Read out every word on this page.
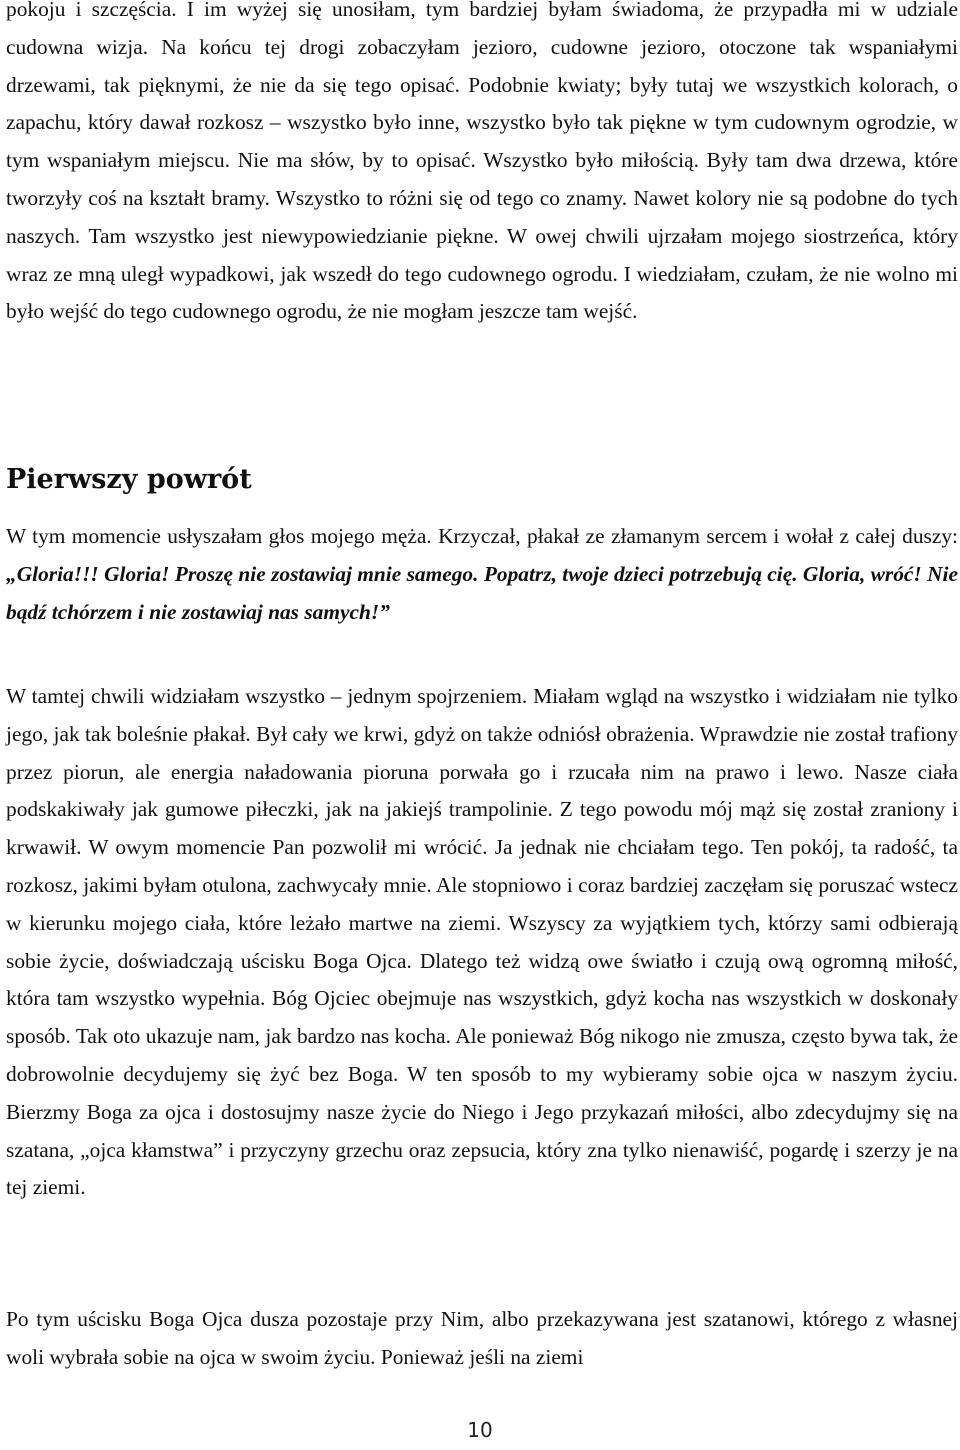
pokoju i szczęścia. I im wyżej się unosiłam, tym bardziej byłam świadoma, że przypadła mi w udziale cudowna wizja. Na końcu tej drogi zobaczyłam jezioro, cudowne jezioro, otoczone tak wspaniałymi drzewami, tak pięknymi, że nie da się tego opisać. Podobnie kwiaty; były tutaj we wszystkich kolorach, o zapachu, który dawał rozkosz – wszystko było inne, wszystko było tak piękne w tym cudownym ogrodzie, w tym wspaniałym miejscu. Nie ma słów, by to opisać. Wszystko było miłością. Były tam dwa drzewa, które tworzyły coś na kształt bramy. Wszystko to różni się od tego co znamy. Nawet kolory nie są podobne do tych naszych. Tam wszystko jest niewypowiedzianie piękne. W owej chwili ujrzałam mojego siostrzeńca, który wraz ze mną uległ wypadkowi, jak wszedł do tego cudownego ogrodu. I wiedziałam, czułam, że nie wolno mi było wejść do tego cudownego ogrodu, że nie mogłam jeszcze tam wejść.

Pierwszy powrót

W tym momencie usłyszałam głos mojego męża. Krzyczał, płakał ze złamanym sercem i wołał z całej duszy: „Gloria!!! Gloria! Proszę nie zostawiaj mnie samego. Popatrz, twoje dzieci potrzebują cię. Gloria, wróć! Nie bądź tchórzem i nie zostawiaj nas samych!”

W tamtej chwili widziałam wszystko – jednym spojrzeniem. Miałam wgląd na wszystko i widziałam nie tylko jego, jak tak boleśnie płakał. Był cały we krwi, gdyż on także odniósł obrażenia. Wprawdzie nie został trafiony przez piorun, ale energia naładowania pioruna porwała go i rzucała nim na prawo i lewo. Nasze ciała podskakiwały jak gumowe piłeczki, jak na jakiejś trampolinie. Z tego powodu mój mąż się został zraniony i krwawił. W owym momencie Pan pozwolił mi wrócić. Ja jednak nie chciałam tego. Ten pokój, ta radość, ta rozkosz, jakimi byłam otulona, zachwycały mnie. Ale stopniowo i coraz bardziej zaczęłam się poruszać wstecz w kierunku mojego ciała, które leżało martwe na ziemi. Wszyscy za wyjątkiem tych, którzy sami odbierają sobie życie, doświadczają uścisku Boga Ojca. Dlatego też widzą owe światło i czują ową ogromną miłość, która tam wszystko wypełnia. Bóg Ojciec obejmuje nas wszystkich, gdyż kocha nas wszystkich w doskonały sposób. Tak oto ukazuje nam, jak bardzo nas kocha. Ale ponieważ Bóg nikogo nie zmusza, często bywa tak, że dobrowolnie decydujemy się żyć bez Boga. W ten sposób to my wybieramy sobie ojca w naszym życiu. Bierzmy Boga za ojca i dostosujmy nasze życie do Niego i Jego przykazań miłości, albo zdecydujmy się na szatana, „ojca kłamstwa” i przyczyny grzechu oraz zepsucia, który zna tylko nienawiść, pogardę i szerzy je na tej ziemi.

Po tym uścisku Boga Ojca dusza pozostaje przy Nim, albo przekazywana jest szatanowi, którego z własnej woli wybrała sobie na ojca w swoim życiu. Ponieważ jeśli na ziemi

10
